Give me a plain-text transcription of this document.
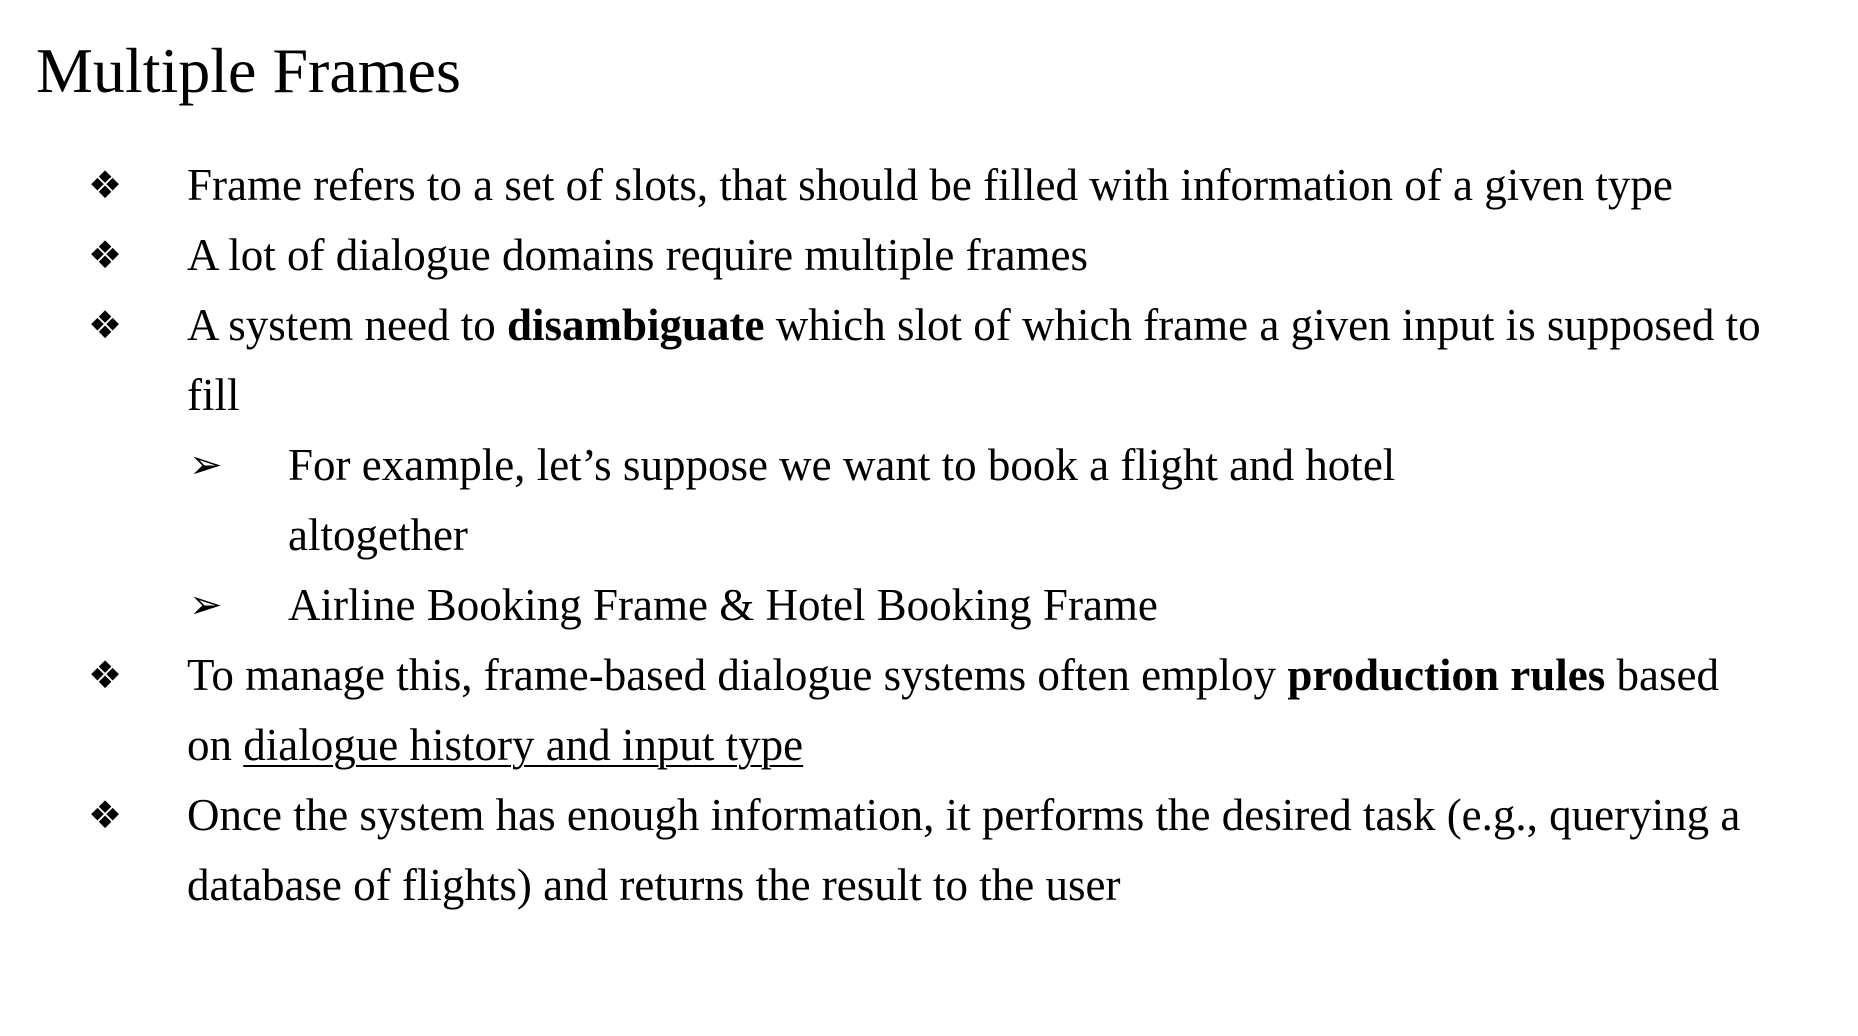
Multiple Frames
❖ Frame refers to a set of slots, that should be filled with information of a given type
❖ A lot of dialogue domains require multiple frames
❖ A system need to disambiguate which slot of which frame a given input is supposed to fill
➢ For example, let’s suppose we want to book a flight and hotel altogether
➢ Airline Booking Frame & Hotel Booking Frame
❖ To manage this, frame-based dialogue systems often employ production rules based on dialogue history and input type
❖ Once the system has enough information, it performs the desired task (e.g., querying a database of flights) and returns the result to the user
